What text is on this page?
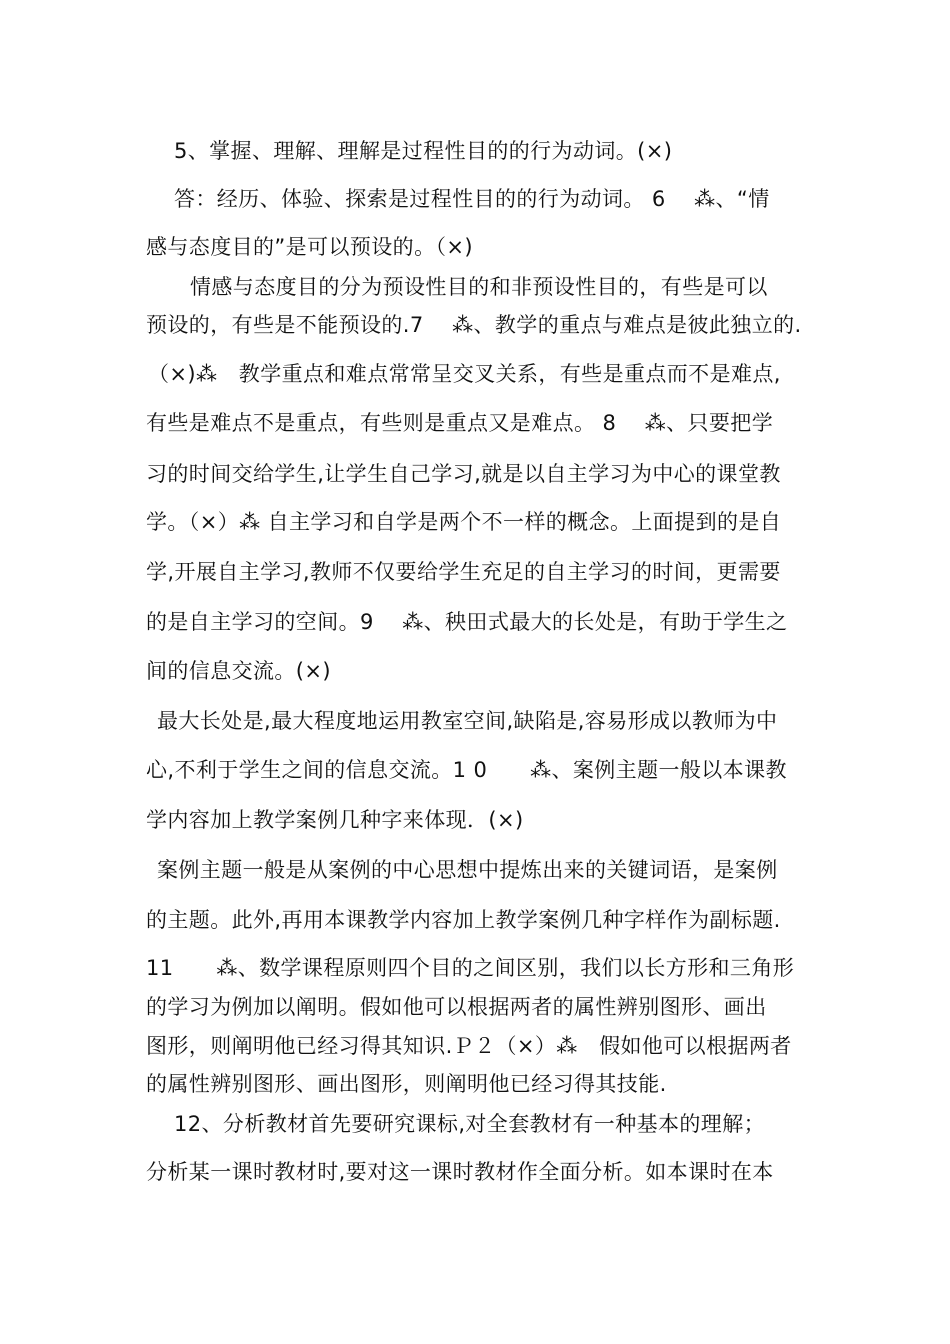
5、掌握、理解、理解是过程性目的的行为动词。(×)
答：经历、体验、探索是过程性目的的行为动词。 6　 ⁂、“情
感与态度目的”是可以预设的。（×)
情感与态度目的分为预设性目的和非预设性目的，有些是可以
预设的，有些是不能预设的.7　 ⁂、教学的重点与难点是彼此独立的.
（×)⁂　教学重点和难点常常呈交叉关系，有些是重点而不是难点,
有些是难点不是重点，有些则是重点又是难点。 8　 ⁂、只要把学
习的时间交给学生,让学生自己学习,就是以自主学习为中心的课堂教
学。（×）⁂ 自主学习和自学是两个不一样的概念。上面提到的是自
学,开展自主学习,教师不仅要给学生充足的自主学习的时间，更需要
的是自主学习的空间。9　 ⁂、秧田式最大的长处是，有助于学生之
间的信息交流。(×)
最大长处是,最大程度地运用教室空间,缺陷是,容易形成以教师为中
心,不利于学生之间的信息交流。1 0　　⁂、案例主题一般以本课教
学内容加上教学案例几种字来体现．(×)
案例主题一般是从案例的中心思想中提炼出来的关键词语，是案例
的主题。此外,再用本课教学内容加上教学案例几种字样作为副标题.
11　　⁂、数学课程原则四个目的之间区别，我们以长方形和三角形
的学习为例加以阐明。假如他可以根据两者的属性辨别图形、画出
图形，则阐明他已经习得其知识.Ｐ２（×）⁂　假如他可以根据两者
的属性辨别图形、画出图形，则阐明他已经习得其技能.
12、分析教材首先要研究课标,对全套教材有一种基本的理解；
分析某一课时教材时,要对这一课时教材作全面分析。如本课时在本
